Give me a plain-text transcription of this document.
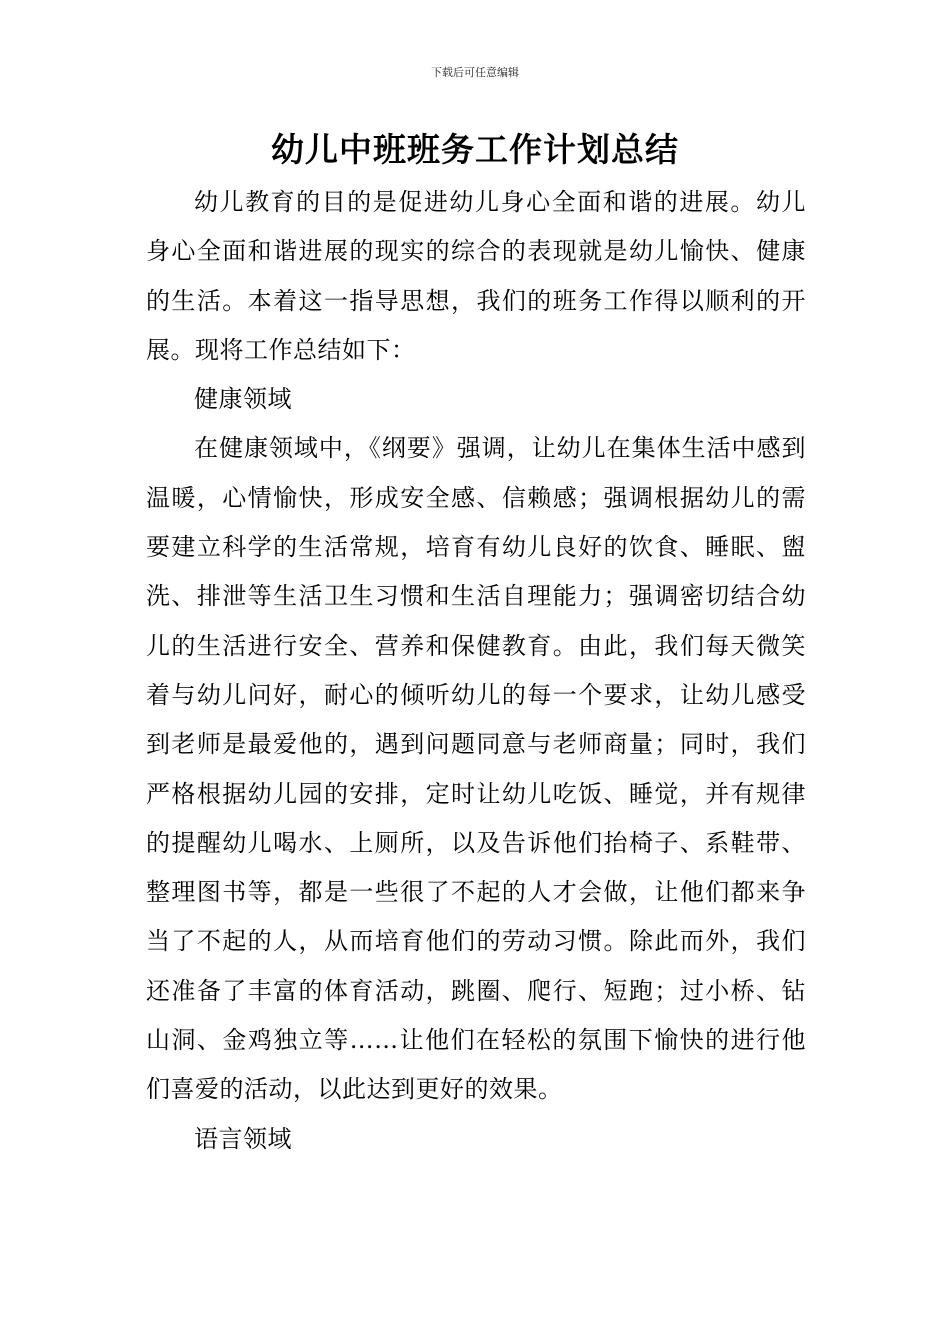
下载后可任意编辑
幼儿中班班务工作计划总结

幼儿教育的目的是促进幼儿身心全面和谐的进展。幼儿身心全面和谐进展的现实的综合的表现就是幼儿愉快、健康的生活。本着这一指导思想，我们的班务工作得以顺利的开展。现将工作总结如下：

健康领域

在健康领域中，《纲要》强调，让幼儿在集体生活中感到温暖，心情愉快，形成安全感、信赖感；强调根据幼儿的需要建立科学的生活常规，培育有幼儿良好的饮食、睡眠、盥洗、排泄等生活卫生习惯和生活自理能力；强调密切结合幼儿的生活进行安全、营养和保健教育。由此，我们每天微笑着与幼儿问好，耐心的倾听幼儿的每一个要求，让幼儿感受到老师是最爱他的，遇到问题同意与老师商量；同时，我们严格根据幼儿园的安排，定时让幼儿吃饭、睡觉，并有规律的提醒幼儿喝水、上厕所，以及告诉他们抬椅子、系鞋带、整理图书等，都是一些很了不起的人才会做，让他们都来争当了不起的人，从而培育他们的劳动习惯。除此而外，我们还准备了丰富的体育活动，跳圈、爬行、短跑；过小桥、钻山洞、金鸡独立等……让他们在轻松的氛围下愉快的进行他们喜爱的活动，以此达到更好的效果。

语言领域
